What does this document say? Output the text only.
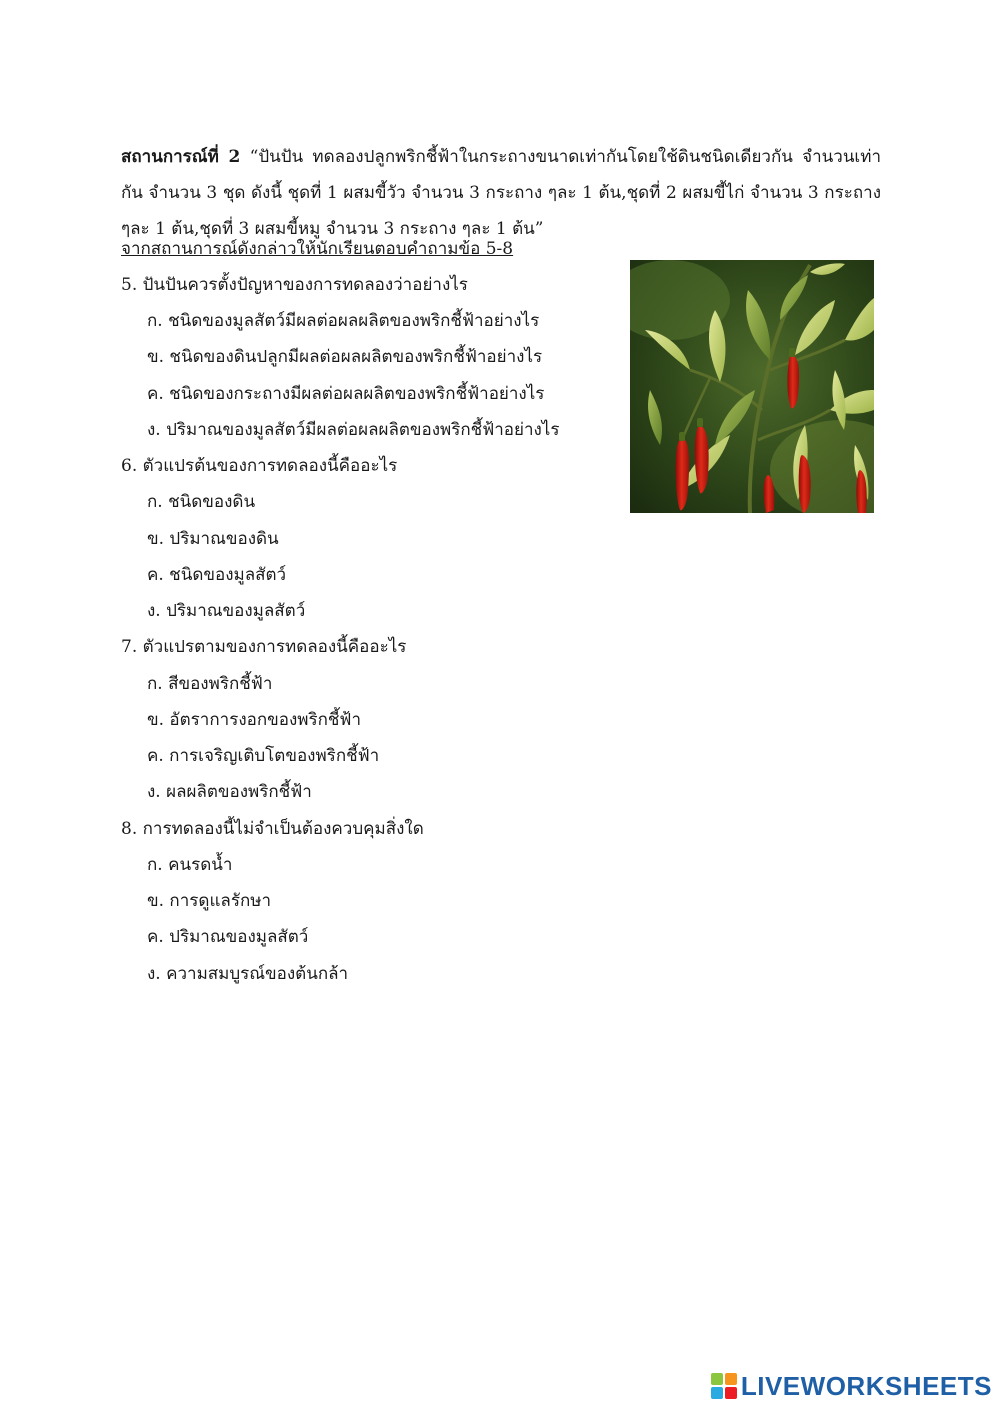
สถานการณ์ที่ 2 “ปันปัน ทดลองปลูกพริกชี้ฟ้าในกระถางขนาดเท่ากันโดยใช้ดินชนิดเดียวกัน จำนวนเท่ากัน จำนวน 3 ชุด ดังนี้ ชุดที่ 1 ผสมขี้วัว จำนวน 3 กระถาง ๆละ 1 ต้น,ชุดที่ 2 ผสมขี้ไก่ จำนวน 3 กระถาง ๆละ 1 ต้น,ชุดที่ 3 ผสมขี้หมู จำนวน 3 กระถาง ๆละ 1 ต้น”

จากสถานการณ์ดังกล่าวให้นักเรียนตอบคำถามข้อ 5-8
5. ปันปันควรตั้งปัญหาของการทดลองว่าอย่างไร
ก. ชนิดของมูลสัตว์มีผลต่อผลผลิตของพริกชี้ฟ้าอย่างไร
ข. ชนิดของดินปลูกมีผลต่อผลผลิตของพริกชี้ฟ้าอย่างไร
ค. ชนิดของกระถางมีผลต่อผลผลิตของพริกชี้ฟ้าอย่างไร
ง. ปริมาณของมูลสัตว์มีผลต่อผลผลิตของพริกชี้ฟ้าอย่างไร
6. ตัวแปรต้นของการทดลองนี้คืออะไร
ก. ชนิดของดิน
ข. ปริมาณของดิน
ค. ชนิดของมูลสัตว์
ง. ปริมาณของมูลสัตว์
7. ตัวแปรตามของการทดลองนี้คืออะไร
ก. สีของพริกชี้ฟ้า
ข. อัตราการงอกของพริกชี้ฟ้า
ค. การเจริญเติบโตของพริกชี้ฟ้า
ง. ผลผลิตของพริกชี้ฟ้า
8. การทดลองนี้ไม่จำเป็นต้องควบคุมสิ่งใด
ก. คนรดน้ำ
ข. การดูแลรักษา
ค. ปริมาณของมูลสัตว์
ง. ความสมบูรณ์ของต้นกล้า
LIVEWORKSHEETS
